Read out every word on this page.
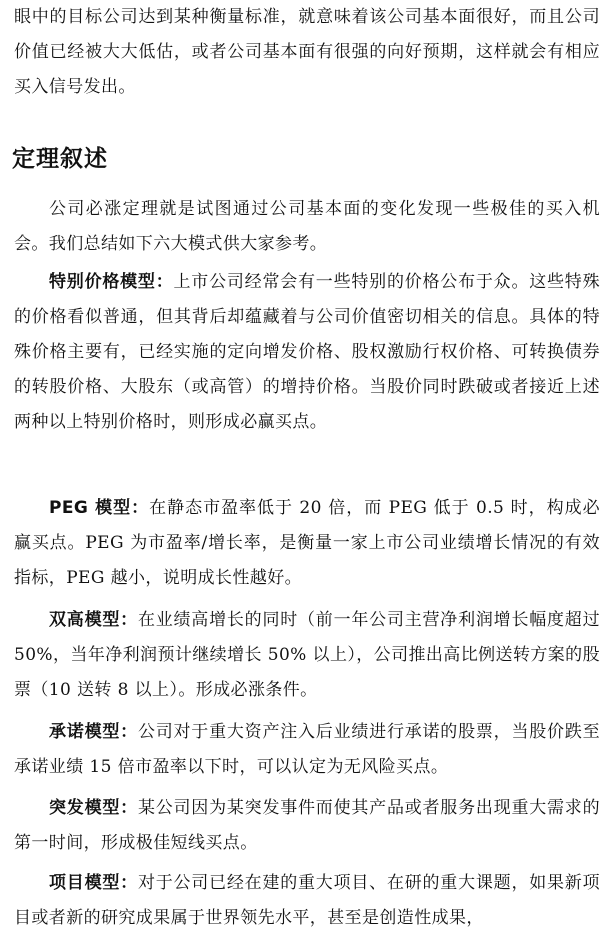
眼中的目标公司达到某种衡量标准，就意味着该公司基本面很好，而且公司价值已经被大大低估，或者公司基本面有很强的向好预期，这样就会有相应买入信号发出。

定理叙述

公司必涨定理就是试图通过公司基本面的变化发现一些极佳的买入机会。我们总结如下六大模式供大家参考。

特别价格模型：上市公司经常会有一些特别的价格公布于众。这些特殊的价格看似普通，但其背后却蕴藏着与公司价值密切相关的信息。具体的特殊价格主要有，已经实施的定向增发价格、股权激励行权价格、可转换债券的转股价格、大股东（或高管）的增持价格。当股价同时跌破或者接近上述两种以上特别价格时，则形成必赢买点。

PEG 模型：在静态市盈率低于 20 倍，而 PEG 低于 0.5 时，构成必赢买点。PEG 为市盈率/增长率，是衡量一家上市公司业绩增长情况的有效指标，PEG 越小，说明成长性越好。

双高模型：在业绩高增长的同时（前一年公司主营净利润增长幅度超过 50%，当年净利润预计继续增长 50% 以上），公司推出高比例送转方案的股票（10 送转 8 以上）。形成必涨条件。

承诺模型：公司对于重大资产注入后业绩进行承诺的股票，当股价跌至承诺业绩 15 倍市盈率以下时，可以认定为无风险买点。

突发模型：某公司因为某突发事件而使其产品或者服务出现重大需求的第一时间，形成极佳短线买点。

项目模型：对于公司已经在建的重大项目、在研的重大课题，如果新项目或者新的研究成果属于世界领先水平，甚至是创造性成果，
